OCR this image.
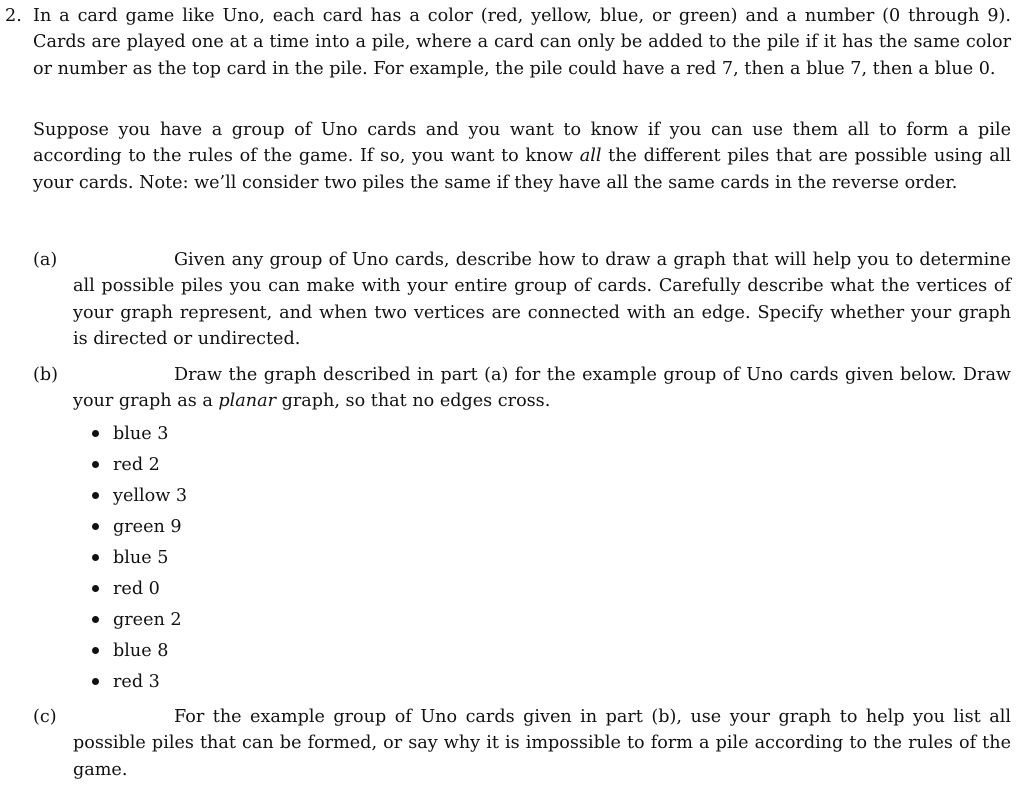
2. In a card game like Uno, each card has a color (red, yellow, blue, or green) and a number (0 through 9). Cards are played one at a time into a pile, where a card can only be added to the pile if it has the same color or number as the top card in the pile. For example, the pile could have a red 7, then a blue 7, then a blue 0.
Suppose you have a group of Uno cards and you want to know if you can use them all to form a pile according to the rules of the game. If so, you want to know all the different piles that are possible using all your cards. Note: we’ll consider two piles the same if they have all the same cards in the reverse order.
(a)	Given any group of Uno cards, describe how to draw a graph that will help you to determine all possible piles you can make with your entire group of cards. Carefully describe what the vertices of your graph represent, and when two vertices are connected with an edge. Specify whether your graph is directed or undirected.
(b)	Draw the graph described in part (a) for the example group of Uno cards given below. Draw your graph as a planar graph, so that no edges cross.
blue 3
red 2
yellow 3
green 9
blue 5
red 0
green 2
blue 8
red 3
(c)	For the example group of Uno cards given in part (b), use your graph to help you list all possible piles that can be formed, or say why it is impossible to form a pile according to the rules of the game.
